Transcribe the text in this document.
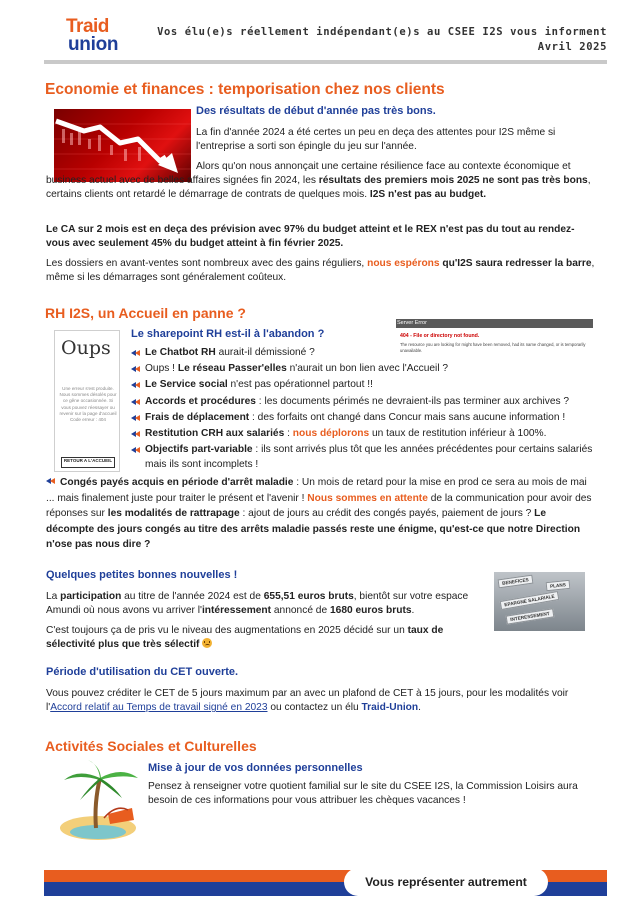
Traid
union
Vos élu(e)s réellement indépendant(e)s au CSEE I2S vous informent
Avril 2025
Economie et finances : temporisation chez nos clients
Des résultats de début d'année pas très bons.

La fin d'année 2024 a été certes un peu en deça des attentes pour I2S même si l'entreprise a sorti son épingle du jeu sur l'année.

Alors qu'on nous annonçait une certaine résilience face au contexte économique et business actuel avec de belles affaires signées fin 2024, les résultats des premiers mois 2025 ne sont pas très bons, certains clients ont retardé le démarrage de contrats de quelques mois. I2S n'est pas au budget.

Le CA sur 2 mois est en deça des prévision avec 97% du budget atteint et le REX n'est pas du tout au rendez-vous avec seulement 45% du budget atteint à fin février 2025.

Les dossiers en avant-ventes sont nombreux avec des gains réguliers, nous espérons qu'I2S saura redresser la barre, même si les démarrages sont généralement coûteux.

RH I2S, un Accueil en panne ?
Oups
Une erreur s'est produite. Nous sommes désolés pour ce gêne occasionnée. Si vous pouvez réessayer ou revenir sur la page d'accueil
Code erreur : 404
RETOUR A L'ACCUEIL
Server Error
404 - File or directory not found.
The resource you are looking for might have been removed, had its name changed, or is temporarily unavailable.
Le sharepoint RH est-il à l'abandon ?
Le Chatbot RH aurait-il démissioné ?
Oups ! Le réseau Passer'elles n'aurait un bon lien avec l'Accueil ?
Le Service social n'est pas opérationnel partout !!
Accords et procédures : les documents périmés ne devraient-ils pas terminer aux archives ?
Frais de déplacement : des forfaits ont changé dans Concur mais sans aucune information !
Restitution CRH aux salariés : nous déplorons un taux de restitution inférieur à 100%.
Objectifs part-variable : ils sont arrivés plus tôt que les années précédentes pour certains salariés mais ils sont incomplets !

Congés payés acquis en période d'arrêt maladie : Un mois de retard pour la mise en prod ce sera au mois de mai ... mais finalement juste pour traiter le présent et l'avenir ! Nous sommes en attente de la communication pour avoir des réponses sur les modalités de rattrapage : ajout de jours au crédit des congés payés, paiement de jours ? Le décompte des jours congés au titre des arrêts maladie passés reste une énigme, qu'est-ce que notre Direction n'ose pas nous dire ?

Quelques petites bonnes nouvelles !

La participation au titre de l'année 2024 est de 655,51 euros bruts, bientôt sur votre espace Amundi où nous avons vu arriver l'intéressement annoncé de 1680 euros bruts.

C'est toujours ça de pris vu le niveau des augmentations en 2025 décidé sur un taux de sélectivité plus que très sélectif

BENEFICES	PLANS
EPARGNE SALARIALE
INTERESSEMENT
Période d'utilisation du CET ouverte.

Vous pouvez créditer le CET de 5 jours maximum par an avec un plafond de CET à 15 jours, pour les modalités voir l'Accord relatif au Temps de travail signé en 2023 ou contactez un élu Traid-Union.

Activités Sociales et Culturelles
Mise à jour de vos données personnelles

Pensez à renseigner votre quotient familial sur le site du CSEE I2S, la Commission Loisirs aura besoin de ces informations pour vous attribuer les chèques vacances !

Vous représenter autrement
